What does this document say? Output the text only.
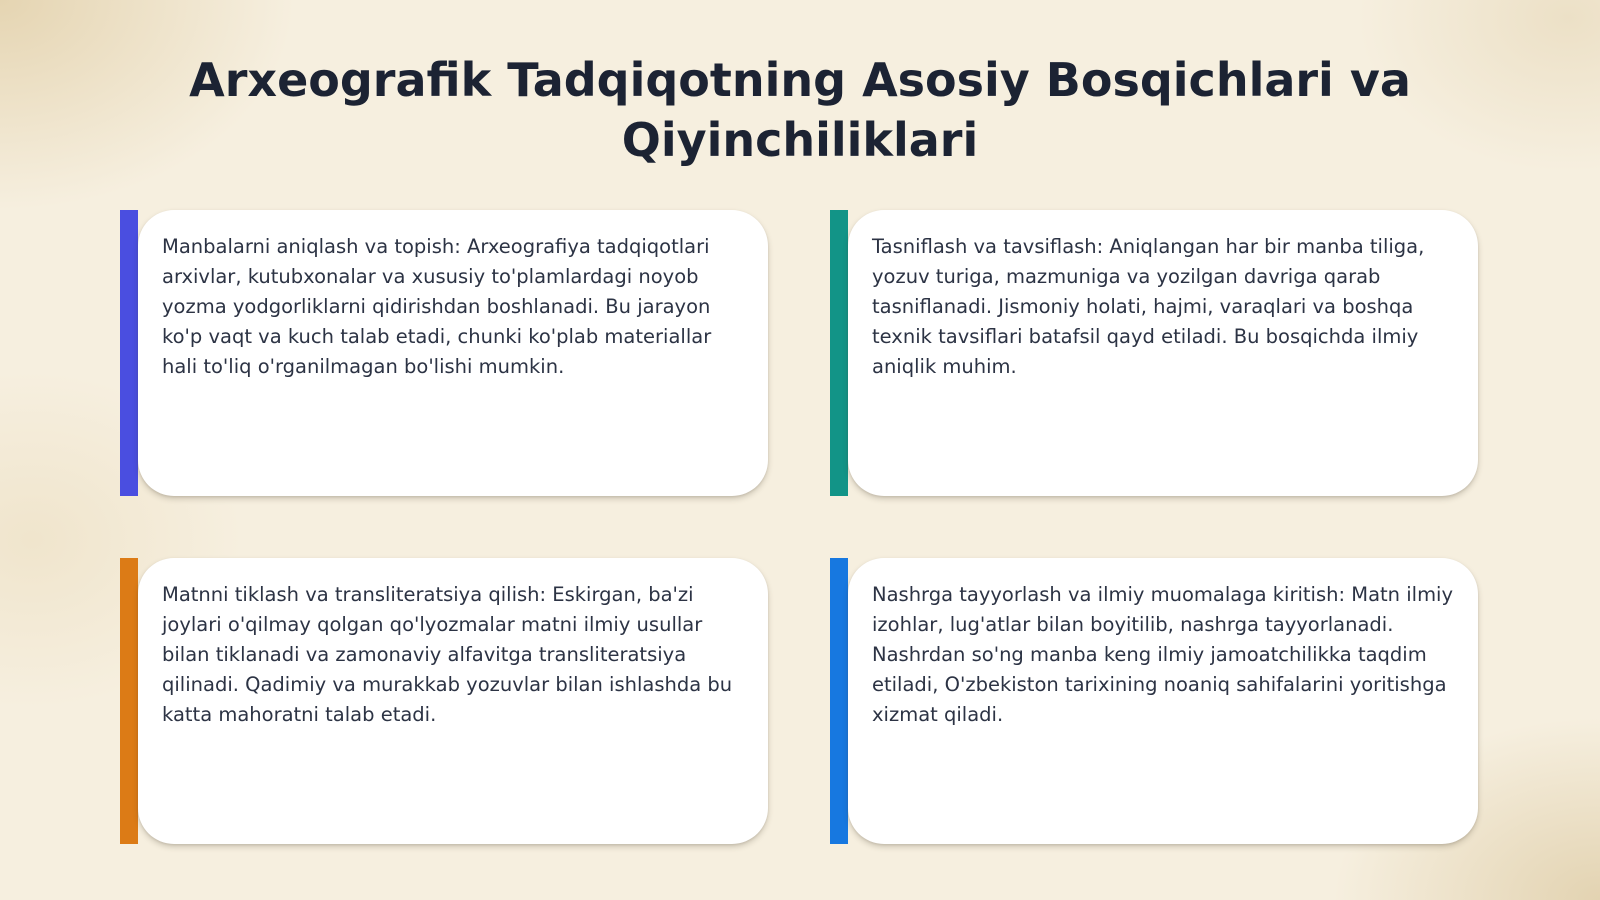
Arxeografik Tadqiqotning Asosiy Bosqichlari va Qiyinchiliklari

Manbalarni aniqlash va topish: Arxeografiya tadqiqotlari arxivlar, kutubxonalar va xususiy to'plamlardagi noyob yozma yodgorliklarni qidirishdan boshlanadi. Bu jarayon ko'p vaqt va kuch talab etadi, chunki ko'plab materiallar hali to'liq o'rganilmagan bo'lishi mumkin.

Tasniflash va tavsiflash: Aniqlangan har bir manba tiliga, yozuv turiga, mazmuniga va yozilgan davriga qarab tasniflanadi. Jismoniy holati, hajmi, varaqlari va boshqa texnik tavsiflari batafsil qayd etiladi. Bu bosqichda ilmiy aniqlik muhim.

Matnni tiklash va transliteratsiya qilish: Eskirgan, ba'zi joylari o'qilmay qolgan qo'lyozmalar matni ilmiy usullar bilan tiklanadi va zamonaviy alfavitga transliteratsiya qilinadi. Qadimiy va murakkab yozuvlar bilan ishlashda bu katta mahoratni talab etadi.

Nashrga tayyorlash va ilmiy muomalaga kiritish: Matn ilmiy izohlar, lug'atlar bilan boyitilib, nashrga tayyorlanadi. Nashrdan so'ng manba keng ilmiy jamoatchilikka taqdim etiladi, O'zbekiston tarixining noaniq sahifalarini yoritishga xizmat qiladi.
